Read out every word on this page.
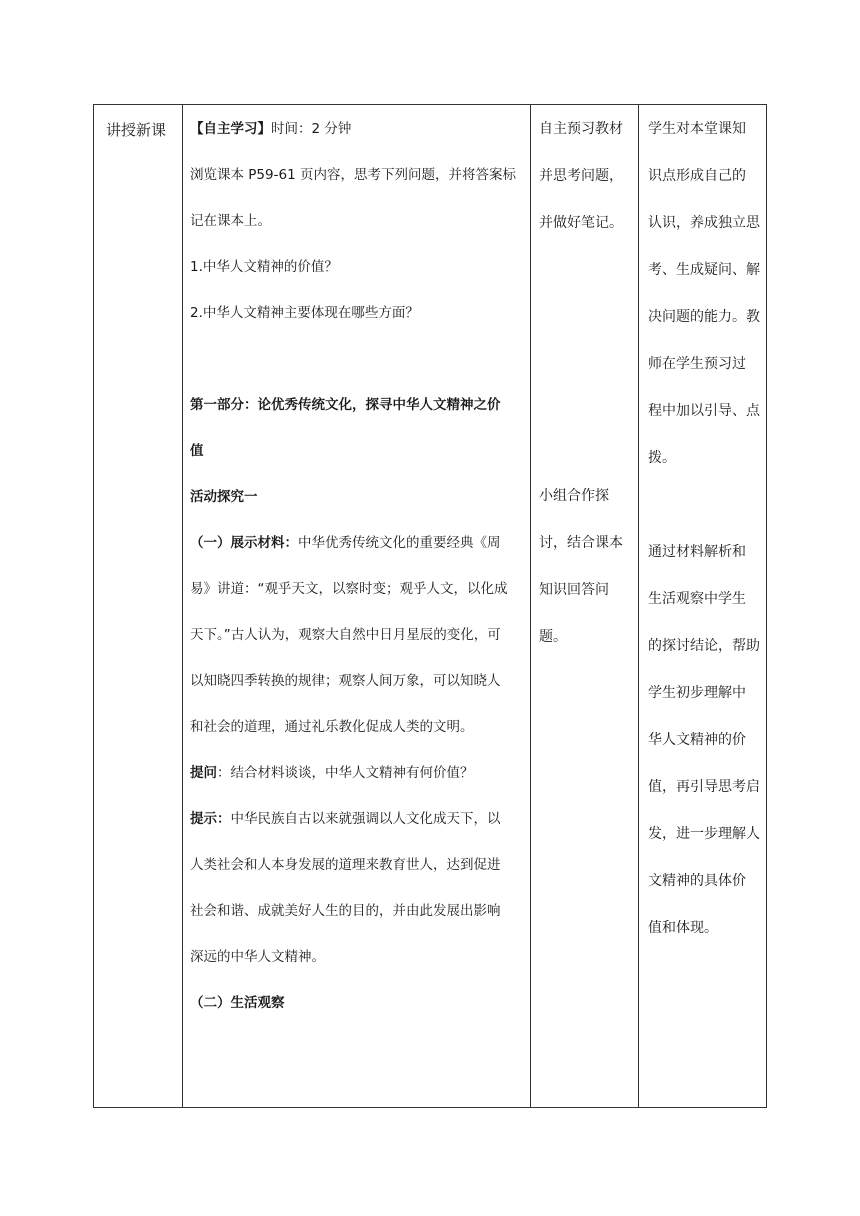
讲授新课	【自主学习】时间：2 分钟
浏览课本 P59-61 页内容，思考下列问题，并将答案标
记在课本上。
1.中华人文精神的价值？
2.中华人文精神主要体现在哪些方面？
第一部分：论优秀传统文化，探寻中华人文精神之价
值
活动探究一
（一）展示材料：中华优秀传统文化的重要经典《周
易》讲道：“观乎天文，以察时变；观乎人文，以化成
天下。”古人认为，观察大自然中日月星辰的变化，可
以知晓四季转换的规律；观察人间万象，可以知晓人
和社会的道理，通过礼乐教化促成人类的文明。
提问：结合材料谈谈，中华人文精神有何价值？
提示：中华民族自古以来就强调以人文化成天下，以
人类社会和人本身发展的道理来教育世人，达到促进
社会和谐、成就美好人生的目的，并由此发展出影响
深远的中华人文精神。
（二）生活观察
自主预习教材
并思考问题，
并做好笔记。
小组合作探
讨，结合课本
知识回答问
题。
学生对本堂课知
识点形成自己的
认识，养成独立思
考、生成疑问、解
决问题的能力。教
师在学生预习过
程中加以引导、点
拨。
通过材料解析和
生活观察中学生
的探讨结论，帮助
学生初步理解中
华人文精神的价
值，再引导思考启
发，进一步理解人
文精神的具体价
值和体现。
